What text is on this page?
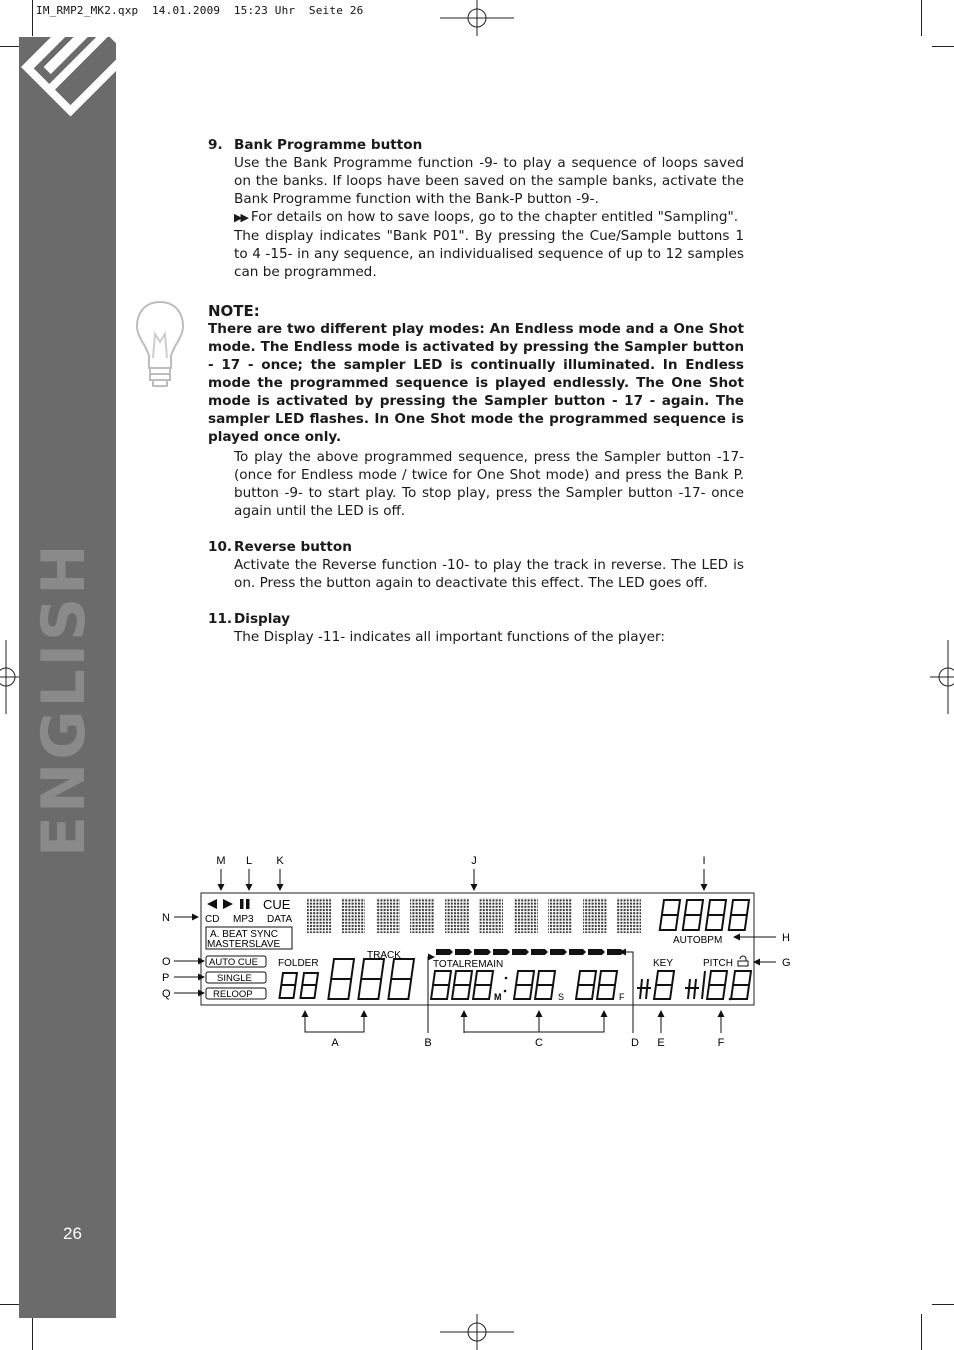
IM_RMP2_MK2.qxp  14.01.2009  15:23 Uhr  Seite 26
ENGLISH
26
9. Bank Programme button

Use the Bank Programme function -9- to play a sequence of loops saved on the banks. If loops have been saved on the sample banks, activate the Bank Programme function with the Bank-P button -9-.

▶▶ For details on how to save loops, go to the chapter entitled "Sampling".

The display indicates "Bank P01". By pressing the Cue/Sample buttons 1 to 4 -15- in any sequence, an individualised sequence of up to 12 samples can be programmed.

NOTE:

There are two different play modes: An Endless mode and a One Shot mode. The Endless mode is activated by pressing the Sampler button - 17 - once; the sampler LED is continually illuminated. In Endless mode the programmed sequence is played endlessly. The One Shot mode is activated by pressing the Sampler button - 17 - again. The sampler LED flashes. In One Shot mode the programmed sequence is played once only.

To play the above programmed sequence, press the Sampler button -17- (once for Endless mode / twice for One Shot mode) and press the Bank P. button -9- to start play. To stop play, press the Sampler button -17- once again until the LED is off.

10. Reverse button

Activate the Reverse function -10- to play the track in reverse. The LED is on. Press the button again to deactivate this effect. The LED goes off.

11. Display

The Display -11- indicates all important functions of the player:

M L K	J	I
N
O
P
Q
H
G
CUE
CD MP3 DATA
A. BEAT SYNC
MASTERSLAVE
AUTO CUE
SINGLE
RELOOP
AUTOBPM
FOLDER
TRACK
TOTALREMAIN	KEY	PITCH
M	S	F
A	B	C	D E	F
